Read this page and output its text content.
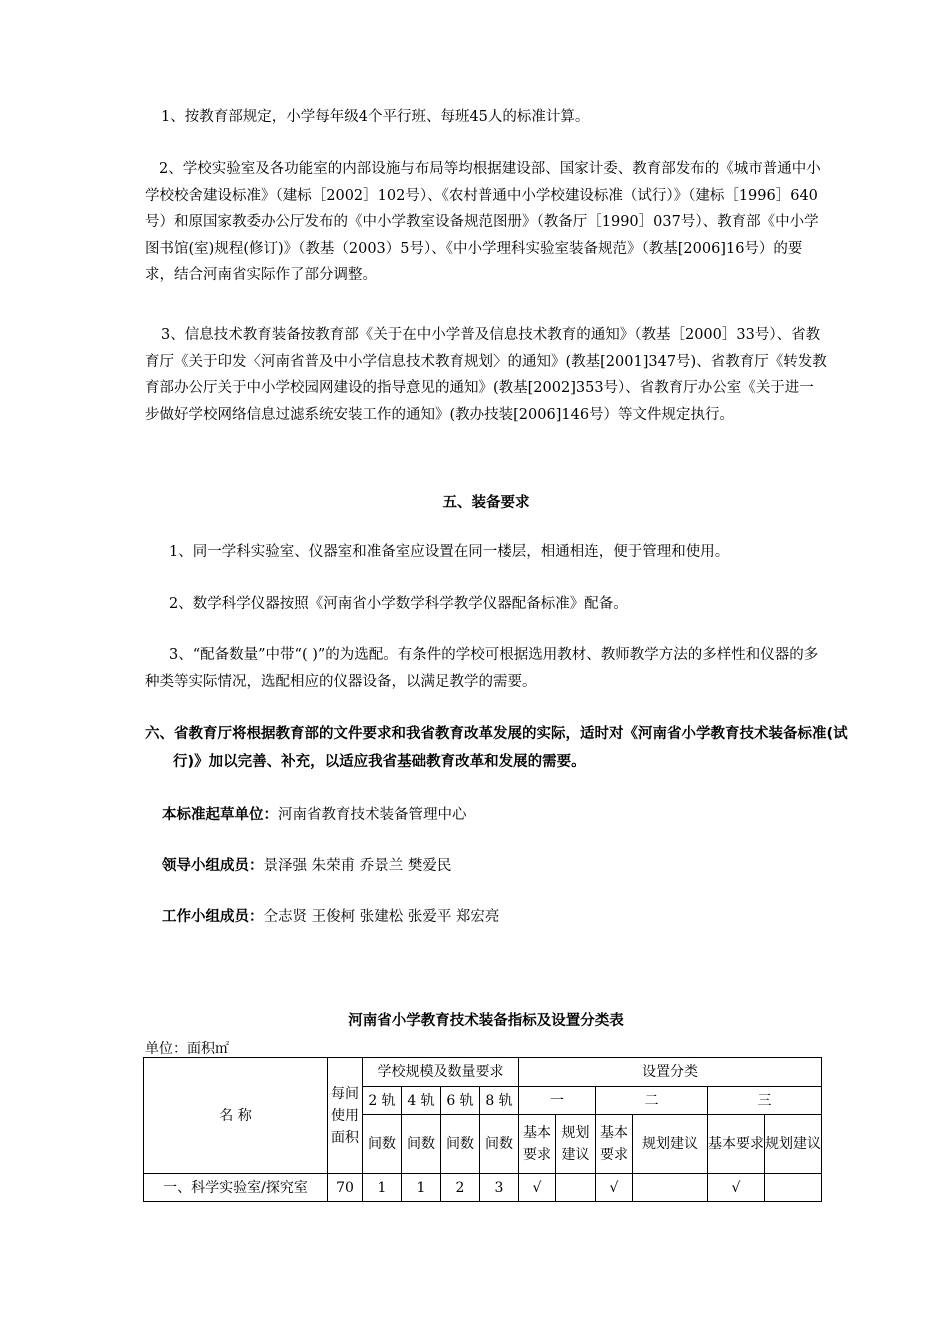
1、按教育部规定，小学每年级4个平行班、每班45人的标准计算。

2、学校实验室及各功能室的内部设施与布局等均根据建设部、国家计委、教育部发布的《城市普通中小学校校舍建设标准》（建标［2002］102号）、《农村普通中小学校建设标准（试行）》（建标［1996］640号）和原国家教委办公厅发布的《中小学教室设备规范图册》（教备厅［1990］037号）、教育部《中小学图书馆(室)规程(修订)》（教基（2003）5号）、《中小学理科实验室装备规范》（教基[2006]16号）的要求，结合河南省实际作了部分调整。

3、信息技术教育装备按教育部《关于在中小学普及信息技术教育的通知》（教基［2000］33号）、省教育厅《关于印发〈河南省普及中小学信息技术教育规划〉的通知》(教基[2001]347号)、省教育厅《转发教育部办公厅关于中小学校园网建设的指导意见的通知》(教基[2002]353号）、省教育厅办公室《关于进一步做好学校网络信息过滤系统安装工作的通知》(教办技装[2006]146号）等文件规定执行。

五、装备要求

1、同一学科实验室、仪器室和准备室应设置在同一楼层，相通相连，便于管理和使用。

2、数学科学仪器按照《河南省小学数学科学教学仪器配备标准》配备。

3、“配备数量”中带“( )”的为选配。有条件的学校可根据选用教材、教师教学方法的多样性和仪器的多种类等实际情况，选配相应的仪器设备，以满足教学的需要。

六、省教育厅将根据教育部的文件要求和我省教育改革发展的实际，适时对《河南省小学教育技术装备标准(试行)》加以完善、补充，以适应我省基础教育改革和发展的需要。

本标准起草单位：河南省教育技术装备管理中心

领导小组成员：景泽强 朱荣甫 乔景兰 樊爱民

工作小组成员：仝志贤 王俊柯 张建松 张爱平 郑宏亮

河南省小学教育技术装备指标及设置分类表

单位：面积㎡

名 称	每间使用面积	学校规模及数量要求				设置分类					
		2 轨	4 轨	6 轨	8 轨	一		二		三	
		间数	间数	间数	间数	基本要求	规划建议	基本要求	规划建议	基本要求	规划建议
一、科学实验室/探究室	70	1	1	2	3	√		√		√	
